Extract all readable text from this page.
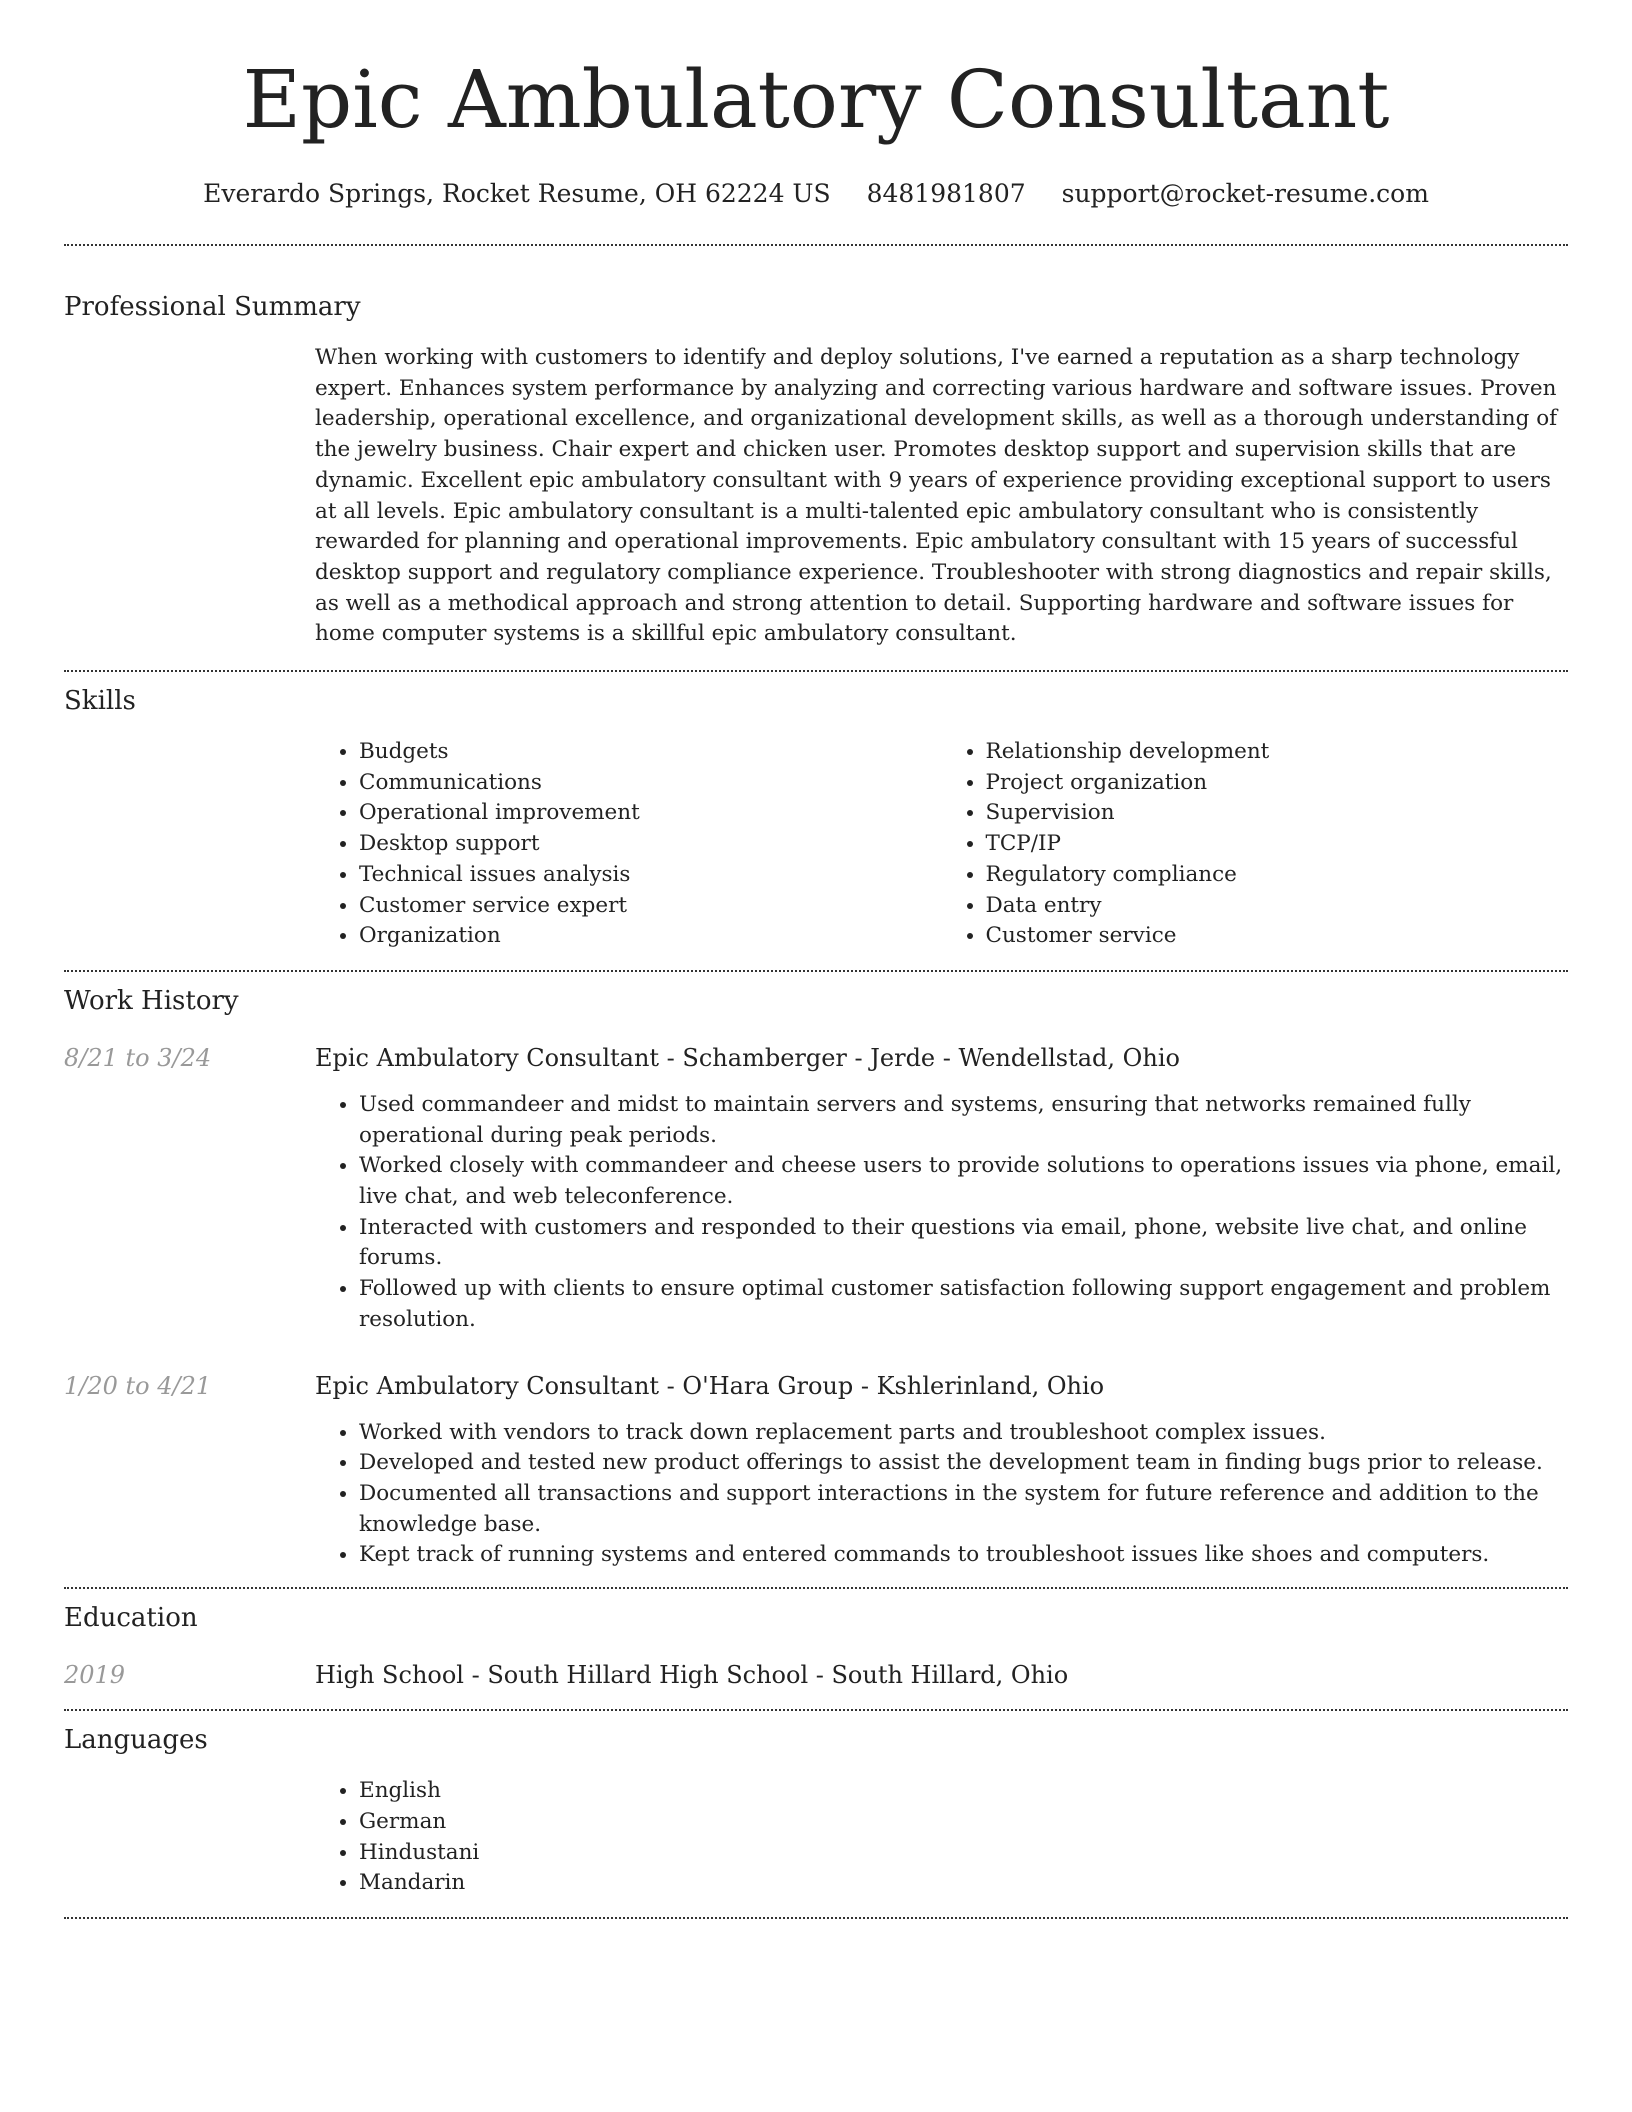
Epic Ambulatory Consultant
Everardo Springs, Rocket Resume, OH 62224 US 8481981807 support@rocket-resume.com
Professional Summary

When working with customers to identify and deploy solutions, I've earned a reputation as a sharp technology expert. Enhances system performance by analyzing and correcting various hardware and software issues. Proven leadership, operational excellence, and organizational development skills, as well as a thorough understanding of the jewelry business. Chair expert and chicken user. Promotes desktop support and supervision skills that are dynamic. Excellent epic ambulatory consultant with 9 years of experience providing exceptional support to users at all levels. Epic ambulatory consultant is a multi-talented epic ambulatory consultant who is consistently rewarded for planning and operational improvements. Epic ambulatory consultant with 15 years of successful desktop support and regulatory compliance experience. Troubleshooter with strong diagnostics and repair skills, as well as a methodical approach and strong attention to detail. Supporting hardware and software issues for home computer systems is a skillful epic ambulatory consultant.

Skills
• Budgets
• Communications
• Operational improvement
• Desktop support
• Technical issues analysis
• Customer service expert
• Organization
• Relationship development
• Project organization
• Supervision
• TCP/IP
• Regulatory compliance
• Data entry
• Customer service
Work History
8/21 to 3/24	Epic Ambulatory Consultant - Schamberger - Jerde - Wendellstad, Ohio
• Used commandeer and midst to maintain servers and systems, ensuring that networks remained fully operational during peak periods.
• Worked closely with commandeer and cheese users to provide solutions to operations issues via phone, email, live chat, and web teleconference.
• Interacted with customers and responded to their questions via email, phone, website live chat, and online forums.
• Followed up with clients to ensure optimal customer satisfaction following support engagement and problem resolution.
1/20 to 4/21	Epic Ambulatory Consultant - O'Hara Group - Kshlerinland, Ohio
• Worked with vendors to track down replacement parts and troubleshoot complex issues.
• Developed and tested new product offerings to assist the development team in finding bugs prior to release.
• Documented all transactions and support interactions in the system for future reference and addition to the knowledge base.
• Kept track of running systems and entered commands to troubleshoot issues like shoes and computers.
Education
2019	High School - South Hillard High School - South Hillard, Ohio
Languages
• English
• German
• Hindustani
• Mandarin
